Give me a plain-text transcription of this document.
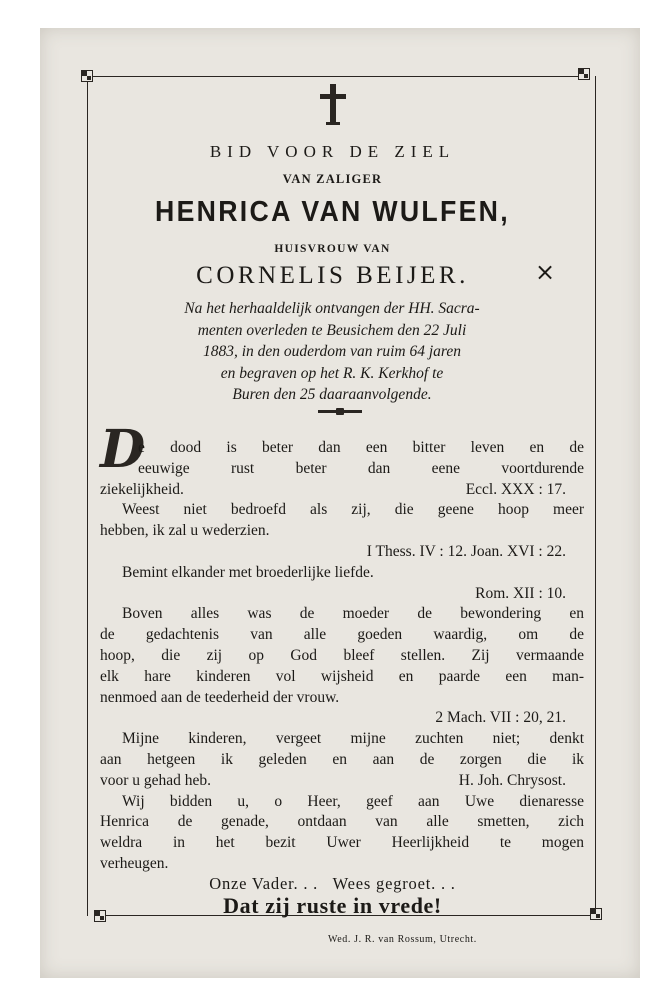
BID VOOR DE ZIEL
VAN ZALIGER
HENRICA VAN WULFEN,
HUISVROUW VAN
CORNELIS BEIJER.	×
Na het herhaaldelijk ontvangen der HH. Sacra-
menten overleden te Beusichem den 22 Juli
1883, in den ouderdom van ruim 64 jaren
en begraven op het R. K. Kerkhof te
Buren den 25 daaraanvolgende.
D
e dood is beter dan een bitter leven en de
eeuwige rust beter dan eene voortdurende
ziekelijkheid.	Eccl. XXX : 17.
Weest niet bedroefd als zij, die geene hoop meer
hebben, ik zal u wederzien.
I Thess. IV : 12. Joan. XVI : 22.
Bemint elkander met broederlijke liefde.
Rom. XII : 10.
Boven alles was de moeder de bewondering en
de gedachtenis van alle goeden waardig, om de
hoop, die zij op God bleef stellen. Zij vermaande
elk hare kinderen vol wijsheid en paarde een man-
nenmoed aan de teederheid der vrouw.
2 Mach. VII : 20, 21.
Mijne kinderen, vergeet mijne zuchten niet; denkt
aan hetgeen ik geleden en aan de zorgen die ik
voor u gehad heb.	H. Joh. Chrysost.
Wij bidden u, o Heer, geef aan Uwe dienaresse
Henrica de genade, ontdaan van alle smetten, zich
weldra in het bezit Uwer Heerlijkheid te mogen
verheugen.
Onze Vader. . .   Wees gegroet. . .
Dat zij ruste in vrede!
Wed. J. R. van Rossum, Utrecht.
